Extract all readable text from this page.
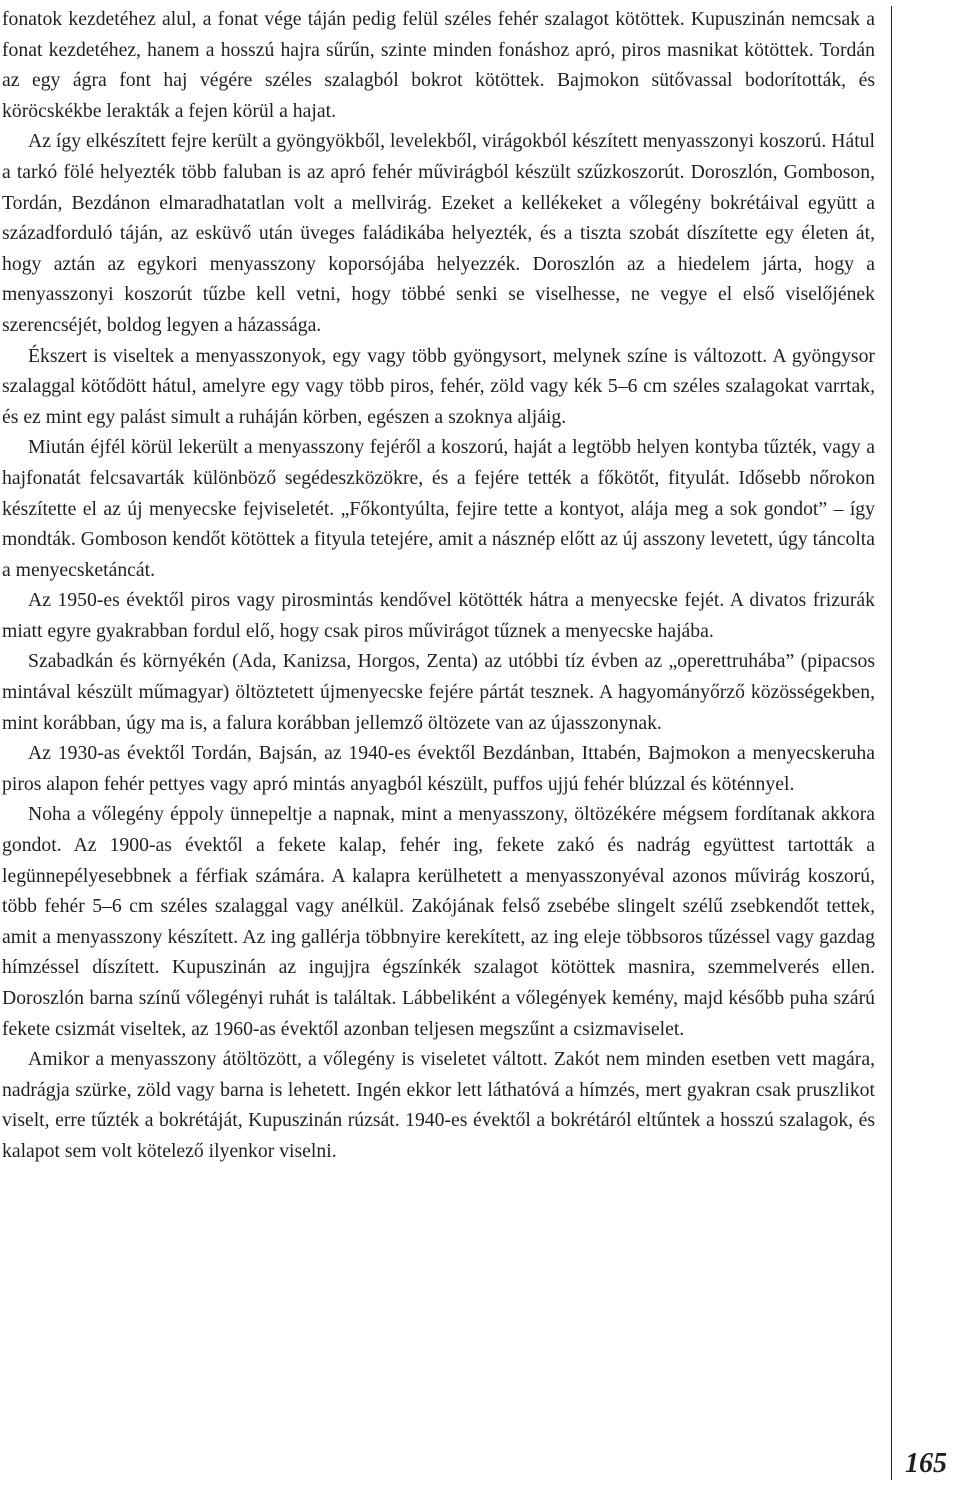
fonatok kezdetéhez alul, a fonat vége táján pedig felül széles fehér szalagot kötöttek. Kupuszinán nemcsak a fonat kezdetéhez, hanem a hosszú hajra sűrűn, szinte minden fonáshoz apró, piros masnikat kötöttek. Tordán az egy ágra font haj végére széles szalagból bokrot kötöttek. Bajmokon sütővassal bodorították, és köröcskékbe lerakták a fejen körül a hajat.

Az így elkészített fejre került a gyöngyökből, levelekből, virágokból készített menyasszonyi koszorú. Hátul a tarkó fölé helyezték több faluban is az apró fehér művirágból készült szűzkoszorút. Doroszlón, Gomboson, Tordán, Bezdánon elmaradhatatlan volt a mellvirág. Ezeket a kellékeket a vőlegény bokrétáival együtt a századforduló táján, az esküvő után üveges faládikába helyezték, és a tiszta szobát díszítette egy életen át, hogy aztán az egykori menyasszony koporsójába helyezzék. Doroszlón az a hiedelem járta, hogy a menyasszonyi koszorút tűzbe kell vetni, hogy többé senki se viselhesse, ne vegye el első viselőjének szerencséjét, boldog legyen a házassága.

Ékszert is viseltek a menyasszonyok, egy vagy több gyöngysort, melynek színe is változott. A gyöngysor szalaggal kötődött hátul, amelyre egy vagy több piros, fehér, zöld vagy kék 5–6 cm széles szalagokat varrtak, és ez mint egy palást simult a ruháján körben, egészen a szoknya aljáig.

Miután éjfél körül lekerült a menyasszony fejéről a koszorú, haját a legtöbb helyen kontyba tűzték, vagy a hajfonatát felcsavarták különböző segédeszközökre, és a fejére tették a főkötőt, fityulát. Idősebb nőrokon készítette el az új menyecske fejviseletét. „Főkontyúlta, fejire tette a kontyot, alája meg a sok gondot” – így mondták. Gomboson kendőt kötöttek a fityula tetejére, amit a násznép előtt az új asszony levetett, úgy táncolta a menyecsketáncát.

Az 1950-es évektől piros vagy pirosmintás kendővel kötötték hátra a menyecske fejét. A divatos frizurák miatt egyre gyakrabban fordul elő, hogy csak piros művirágot tűznek a menyecske hajába.

Szabadkán és környékén (Ada, Kanizsa, Horgos, Zenta) az utóbbi tíz évben az „operettruhába” (pipacsos mintával készült műmagyar) öltöztetett újmenyecske fejére pártát tesznek. A hagyományőrző közösségekben, mint korábban, úgy ma is, a falura korábban jellemző öltözete van az újasszonynak.

Az 1930-as évektől Tordán, Bajsán, az 1940-es évektől Bezdánban, Ittabén, Bajmokon a menyecskeruha piros alapon fehér pettyes vagy apró mintás anyagból készült, puffos ujjú fehér blúzzal és köténnyel.

Noha a vőlegény éppoly ünnepeltje a napnak, mint a menyasszony, öltözékére mégsem fordítanak akkora gondot. Az 1900-as évektől a fekete kalap, fehér ing, fekete zakó és nadrág együttest tartották a legünnepélyesebbnek a férfiak számára. A kalapra kerülhetett a menyasszonyéval azonos művirág koszorú, több fehér 5–6 cm széles szalaggal vagy anélkül. Zakójának felső zsebébe slingelt szélű zsebkendőt tettek, amit a menyasszony készített. Az ing gallérja többnyire kerekített, az ing eleje többsoros tűzéssel vagy gazdag hímzéssel díszített. Kupuszinán az ingujjra égszínkék szalagot kötöttek masnira, szemmelverés ellen. Doroszlón barna színű vőlegényi ruhát is találtak. Lábbeliként a vőlegények kemény, majd később puha szárú fekete csizmát viseltek, az 1960-as évektől azonban teljesen megszűnt a csizmaviselet.

Amikor a menyasszony átöltözött, a vőlegény is viseletet váltott. Zakót nem minden esetben vett magára, nadrágja szürke, zöld vagy barna is lehetett. Ingén ekkor lett láthatóvá a hímzés, mert gyakran csak pruszlikot viselt, erre tűzték a bokrétáját, Kupuszinán rúzsát. 1940-es évektől a bokrétáról eltűntek a hosszú szalagok, és kalapot sem volt kötelező ilyenkor viselni.

165
